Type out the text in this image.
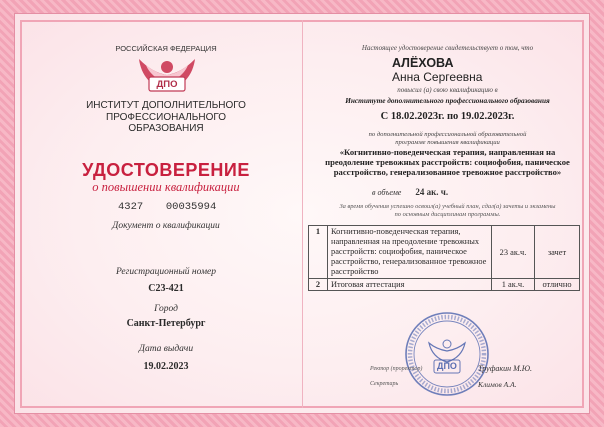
РОССИЙСКАЯ ФЕДЕРАЦИЯ
ДПО
ИНСТИТУТ ДОПОЛНИТЕЛЬНОГО
ПРОФЕССИОНАЛЬНОГО
ОБРАЗОВАНИЯ
УДОСТОВЕРЕНИЕ
о повышении квалификации
4327 00035994
Документ о квалификации
Регистрационный номер
С23-421
Город
Санкт-Петербург
Дата выдачи
19.02.2023
Настоящее удостоверение свидетельствует о том, что
АЛЁХОВА
Анна Сергеевна
повысил (а) свою квалификацию в
Институте дополнительного профессионального образования
С 18.02.2023г. по 19.02.2023г.
по дополнительной профессиональной образовательной
программе повышения квалификации
«Когнитивно-поведенческая терапия, направленная на
преодоление тревожных расстройств: социофобия, паническое
расстройство, генерализованное тревожное расстройство»
в объеме 24 ак. ч.
За время обучения успешно освоил(а) учебный план, сдал(а) зачеты и экзамены
по основным дисциплинам программы.
1	Когнитивно-поведенческая терапия, направленная на преодоление тревожных расстройств: социофобия, паническое расстройство, генерализованное тревожное расстройство	23 ак.ч.	зачет
2	Итоговая аттестация	1 ак.ч.	отлично
ДПО
Ректор (проректор)	Труфакин М.Ю.
Секретарь	Климов А.А.
